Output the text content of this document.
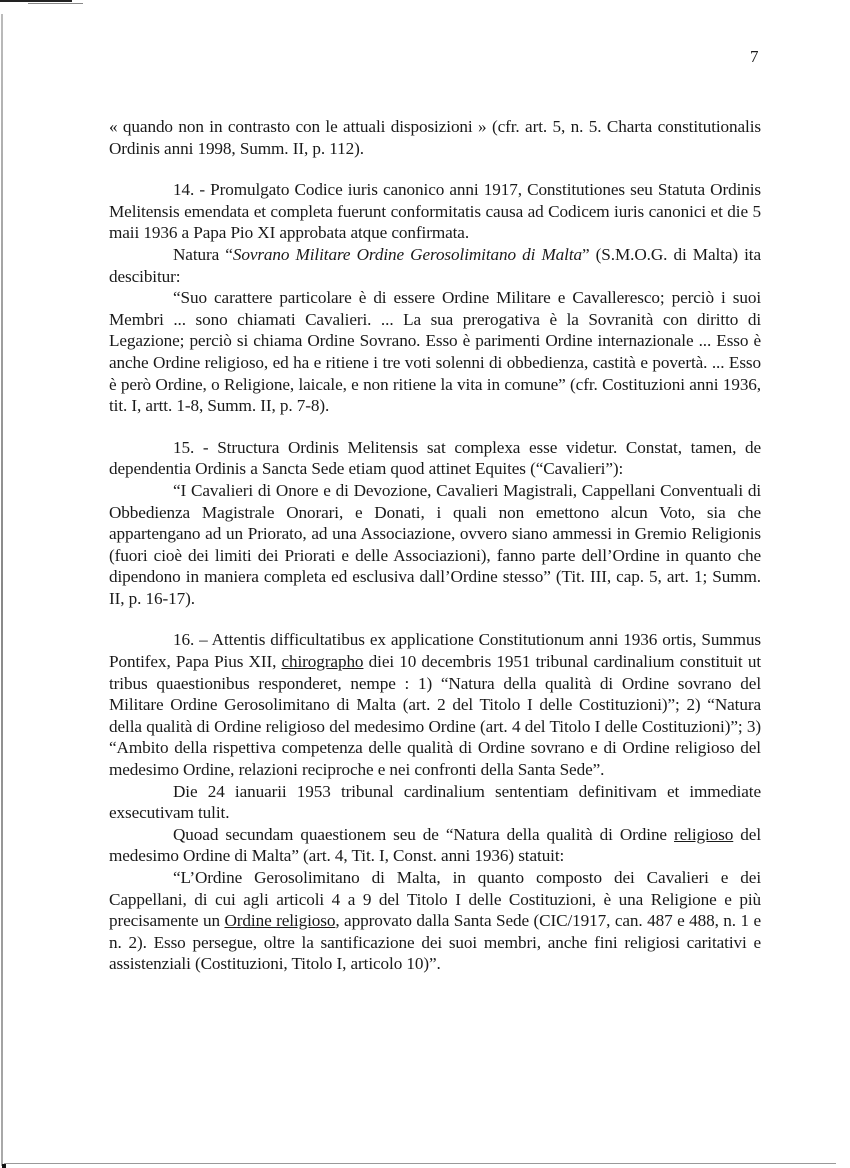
7

« quando non in contrasto con le attuali disposizioni » (cfr. art. 5, n. 5. Charta constitutionalis Ordinis anni 1998, Summ. II, p. 112).

14. - Promulgato Codice iuris canonico anni 1917, Constitutiones seu Statuta Ordinis Melitensis emendata et completa fuerunt conformitatis causa ad Codicem iuris canonici et die 5 maii 1936 a Papa Pio XI approbata atque confirmata.

Natura “Sovrano Militare Ordine Gerosolimitano di Malta” (S.M.O.G. di Malta) ita descibitur:

“Suo carattere particolare è di essere Ordine Militare e Cavalleresco; perciò i suoi Membri ... sono chiamati Cavalieri. ... La sua prerogativa è la Sovranità con diritto di Legazione; perciò si chiama Ordine Sovrano. Esso è parimenti Ordine internazionale ... Esso è anche Ordine religioso, ed ha e ritiene i tre voti solenni di obbedienza, castità e povertà. ... Esso è però Ordine, o Religione, laicale, e non ritiene la vita in comune” (cfr. Costituzioni anni 1936, tit. I, artt. 1-8, Summ. II, p. 7-8).

15. - Structura Ordinis Melitensis sat complexa esse videtur. Constat, tamen, de dependentia Ordinis a Sancta Sede etiam quod attinet Equites (“Cavalieri”):

“I Cavalieri di Onore e di Devozione, Cavalieri Magistrali, Cappellani Conventuali di Obbedienza Magistrale Onorari, e Donati, i quali non emettono alcun Voto, sia che appartengano ad un Priorato, ad una Associazione, ovvero siano ammessi in Gremio Religionis (fuori cioè dei limiti dei Priorati e delle Associazioni), fanno parte dell’Ordine in quanto che dipendono in maniera completa ed esclusiva dall’Ordine stesso” (Tit. III, cap. 5, art. 1; Summ. II, p. 16-17).

16. – Attentis difficultatibus ex applicatione Constitutionum anni 1936 ortis, Summus Pontifex, Papa Pius XII, chirographo diei 10 decembris 1951 tribunal cardinalium constituit ut tribus quaestionibus responderet, nempe : 1) “Natura della qualità di Ordine sovrano del Militare Ordine Gerosolimitano di Malta (art. 2 del Titolo I delle Costituzioni)”; 2) “Natura della qualità di Ordine religioso del medesimo Ordine (art. 4 del Titolo I delle Costituzioni)”; 3) “Ambito della rispettiva competenza delle qualità di Ordine sovrano e di Ordine religioso del medesimo Ordine, relazioni reciproche e nei confronti della Santa Sede”.

Die 24 ianuarii 1953 tribunal cardinalium sententiam definitivam et immediate exsecutivam tulit.

Quoad secundam quaestionem seu de “Natura della qualità di Ordine religioso del medesimo Ordine di Malta” (art. 4, Tit. I, Const. anni 1936) statuit:

“L’Ordine Gerosolimitano di Malta, in quanto composto dei Cavalieri e dei Cappellani, di cui agli articoli 4 a 9 del Titolo I delle Costituzioni, è una Religione e più precisamente un Ordine religioso, approvato dalla Santa Sede (CIC/1917, can. 487 e 488, n. 1 e n. 2). Esso persegue, oltre la santificazione dei suoi membri, anche fini religiosi caritativi e assistenziali (Costituzioni, Titolo I, articolo 10)”.
